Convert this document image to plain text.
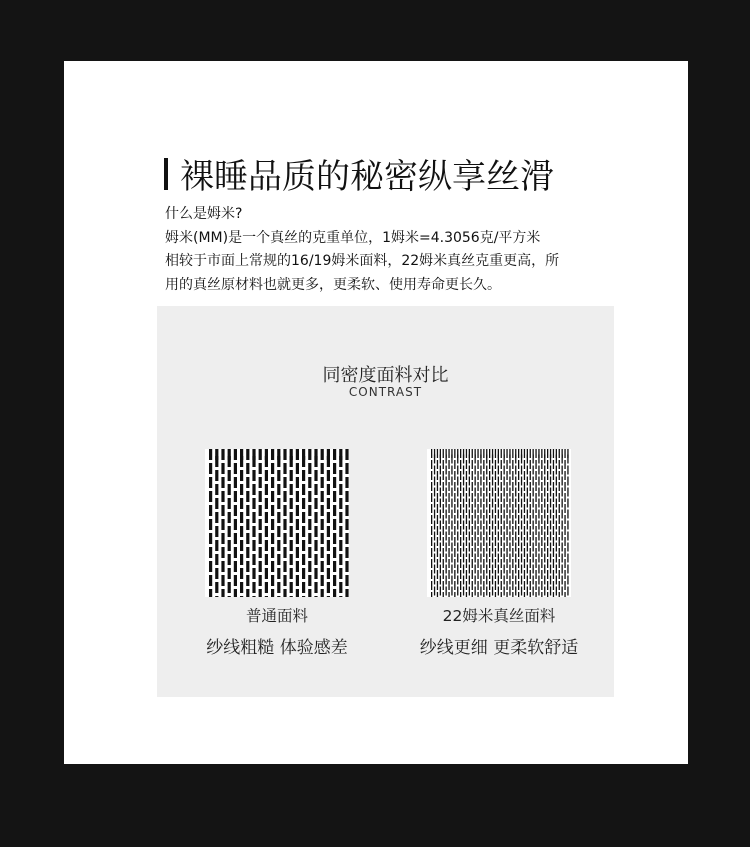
裸睡品质的秘密纵享丝滑
什么是姆米?
姆米(MM)是一个真丝的克重单位，1姆米=4.3056克/平方米
相较于市面上常规的16/19姆米面料，22姆米真丝克重更高，所
用的真丝原材料也就更多，更柔软、使用寿命更长久。
同密度面料对比
CONTRAST
普通面料
纱线粗糙 体验感差
22姆米真丝面料
纱线更细 更柔软舒适
